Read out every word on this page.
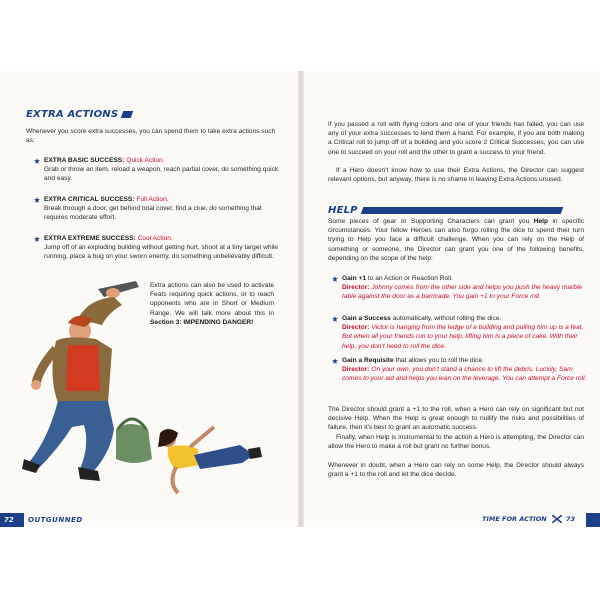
EXTRA ACTIONS
Whenever you score extra successes, you can spend them to take extra actions such as:
EXTRA BASIC SUCCESS: Quick Action.
Grab or throw an item, reload a weapon, reach partial cover, do something quick and easy.
EXTRA CRITICAL SUCCESS: Full Action.
Break through a door, get behind total cover, find a clue, do something that requires moderate effort.
EXTRA EXTREME SUCCESS: Cool Action.
Jump off of an exploding building without getting hurt, shoot at a tiny target while running, place a bug on your sworn enemy, do something unbelievably difficult.
Extra actions can also be used to activate Feats requiring quick actions, or to reach opponents who are in Short or Medium Range. We will talk more about this in Section 3: IMPENDING DANGER!
72 OUTGUNNED
If you passed a roll with flying colors and one of your friends has failed, you can use any of your extra successes to lend them a hand. For example, if you are both making a Critical roll to jump off of a building and you score 2 Critical Successes, you can use one to succeed on your roll and the other to grant a success to your friend.
If a Hero doesn't know how to use their Extra Actions, the Director can suggest relevant options, but anyway, there is no shame in leaving Extra Actions unused.
HELP
Some pieces of gear or Supporting Characters can grant you Help in specific circumstances. Your fellow Heroes can also forgo rolling the dice to spend their turn trying to Help you face a difficult challenge. When you can rely on the Help of something or someone, the Director can grant you one of the following benefits, depending on the scope of the help:
Gain +1 to an Action or Reaction Roll.
Director: Johnny comes from the other side and helps you push the heavy marble table against the door as a barricade. You gain +1 to your Force roll.
Gain a Success automatically, without rolling the dice.
Director: Victor is hanging from the ledge of a building and pulling him up is a feat. But when all your friends run to your help, lifting him is a piece of cake. With their help, you don't need to roll the dice.
Gain a Requisite that allows you to roll the dice.
Director: On your own, you don't stand a chance to lift the debris. Luckily, Sam comes to your aid and helps you lean on the leverage. You can attempt a Force roll.
The Director should grant a +1 to the roll, when a Hero can rely on significant but not decisive Help. When the Help is great enough to nullify the risks and possibilities of failure, then it's best to grant an automatic success.
Finally, when Help is instrumental to the action a Hero is attempting, the Director can allow the Hero to make a roll but grant no further bonus.
Whenever in doubt, when a Hero can rely on some Help, the Director should always grant a +1 to the roll and let the dice decide.
TIME FOR ACTION	73
